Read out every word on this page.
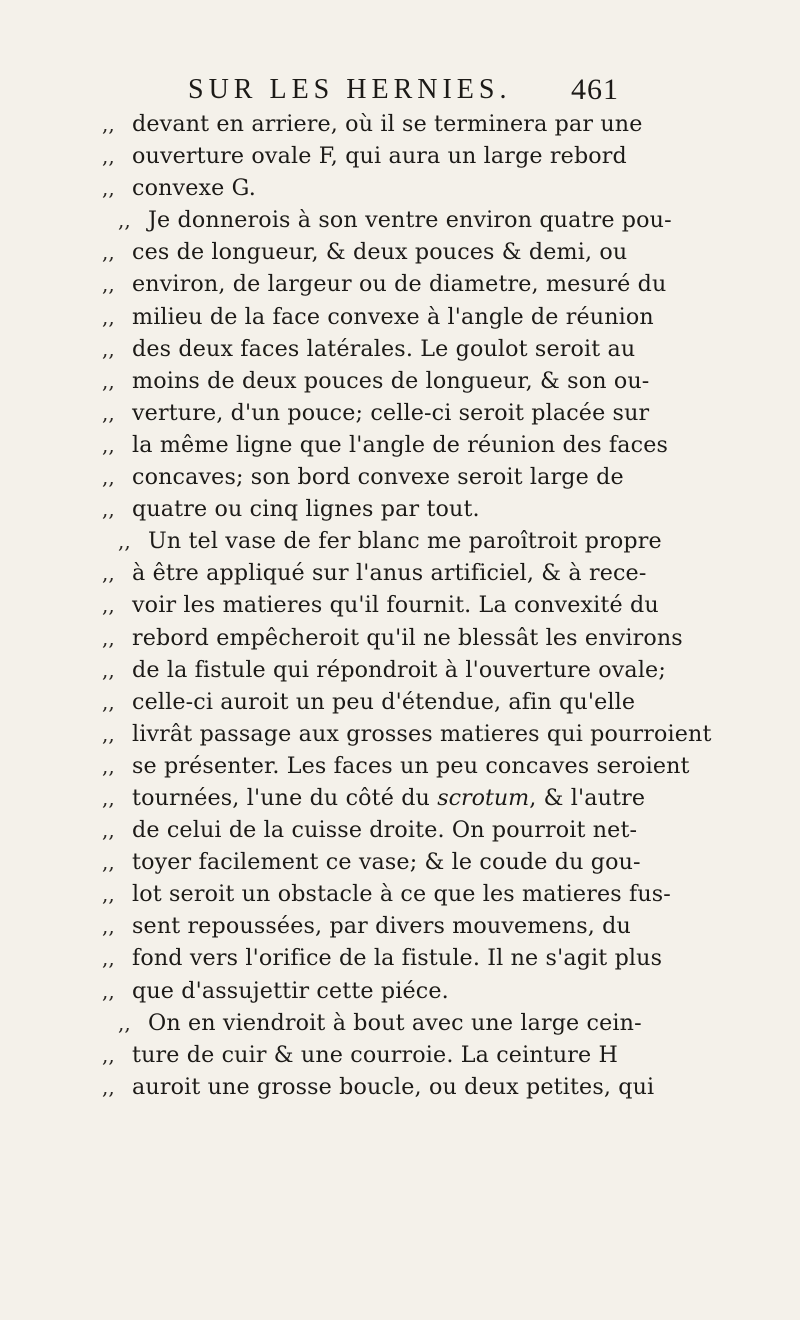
SUR LES HERNIES. 461
,, devant en arriere, où il se terminera par une
,, ouverture ovale F, qui aura un large rebord
,, convexe G.
,, Je donnerois à son ventre environ quatre pou-
,, ces de longueur, & deux pouces & demi, ou
,, environ, de largeur ou de diametre, mesuré du
,, milieu de la face convexe à l'angle de réunion
,, des deux faces latérales. Le goulot seroit au
,, moins de deux pouces de longueur, & son ou-
,, verture, d'un pouce; celle-ci seroit placée sur
,, la même ligne que l'angle de réunion des faces
,, concaves; son bord convexe seroit large de
,, quatre ou cinq lignes par tout.
,, Un tel vase de fer blanc me paroîtroit propre
,, à être appliqué sur l'anus artificiel, & à rece-
,, voir les matieres qu'il fournit. La convexité du
,, rebord empêcheroit qu'il ne blessât les environs
,, de la fistule qui répondroit à l'ouverture ovale;
,, celle-ci auroit un peu d'étendue, afin qu'elle
,, livrât passage aux grosses matieres qui pourroient
,, se présenter. Les faces un peu concaves seroient
,, tournées, l'une du côté du scrotum, & l'autre
,, de celui de la cuisse droite. On pourroit net-
,, toyer facilement ce vase; & le coude du gou-
,, lot seroit un obstacle à ce que les matieres fus-
,, sent repoussées, par divers mouvemens, du
,, fond vers l'orifice de la fistule. Il ne s'agit plus
,, que d'assujettir cette piéce.
,, On en viendroit à bout avec une large cein-
,, ture de cuir & une courroie. La ceinture H
,, auroit une grosse boucle, ou deux petites, qui
